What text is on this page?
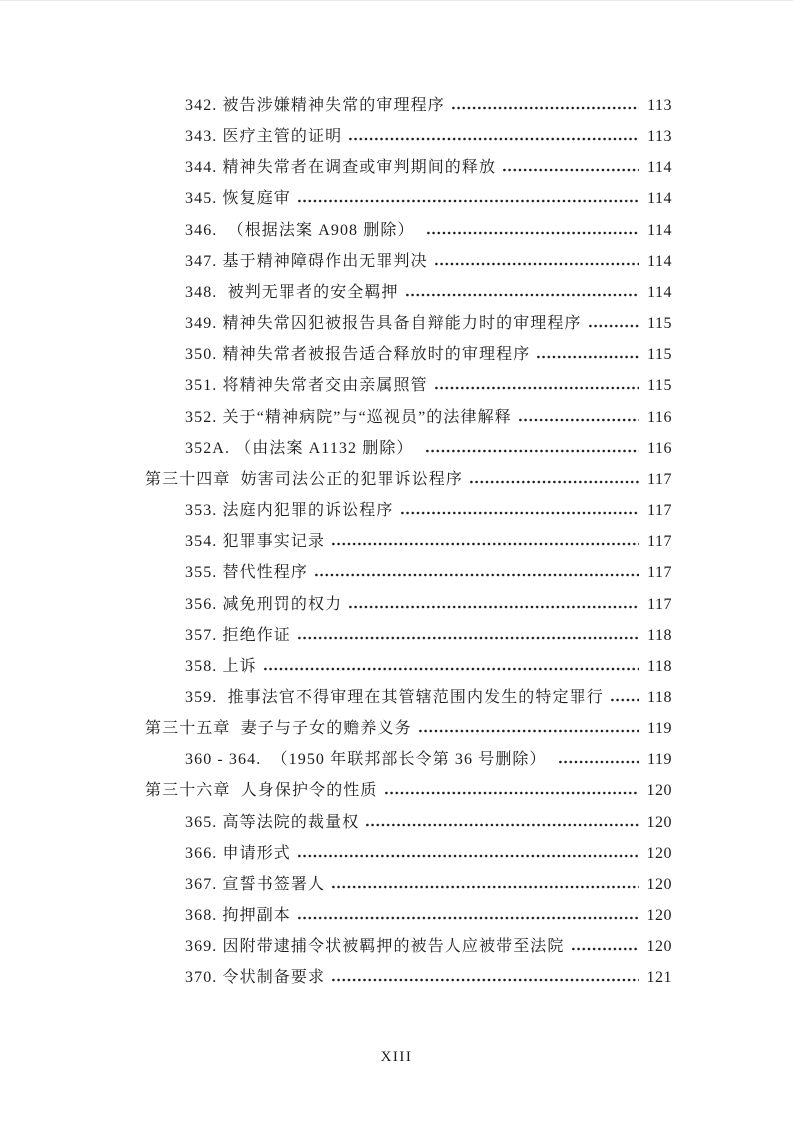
342. 被告涉嫌精神失常的审理程序	113
343. 医疗主管的证明	113
344. 精神失常者在调查或审判期间的释放	114
345. 恢复庭审	114
346.  （根据法案 A908 删除）	114
347. 基于精神障碍作出无罪判决	114
348.  被判无罪者的安全羁押	114
349. 精神失常囚犯被报告具备自辩能力时的审理程序	115
350. 精神失常者被报告适合释放时的审理程序	115
351. 将精神失常者交由亲属照管	115
352. 关于“精神病院”与“巡视员”的法律解释	116
352A. （由法案 A1132 删除）	116
第三十四章  妨害司法公正的犯罪诉讼程序	117
353. 法庭内犯罪的诉讼程序	117
354. 犯罪事实记录	117
355. 替代性程序	117
356. 减免刑罚的权力	117
357. 拒绝作证	118
358. 上诉	118
359.  推事法官不得审理在其管辖范围内发生的特定罪行	118
第三十五章  妻子与子女的赡养义务	119
360 - 364.  （1950 年联邦部长令第 36 号删除）	119
第三十六章  人身保护令的性质	120
365. 高等法院的裁量权	120
366. 申请形式	120
367. 宣誓书签署人	120
368. 拘押副本	120
369. 因附带逮捕令状被羁押的被告人应被带至法院	120
370. 令状制备要求	121
XIII
